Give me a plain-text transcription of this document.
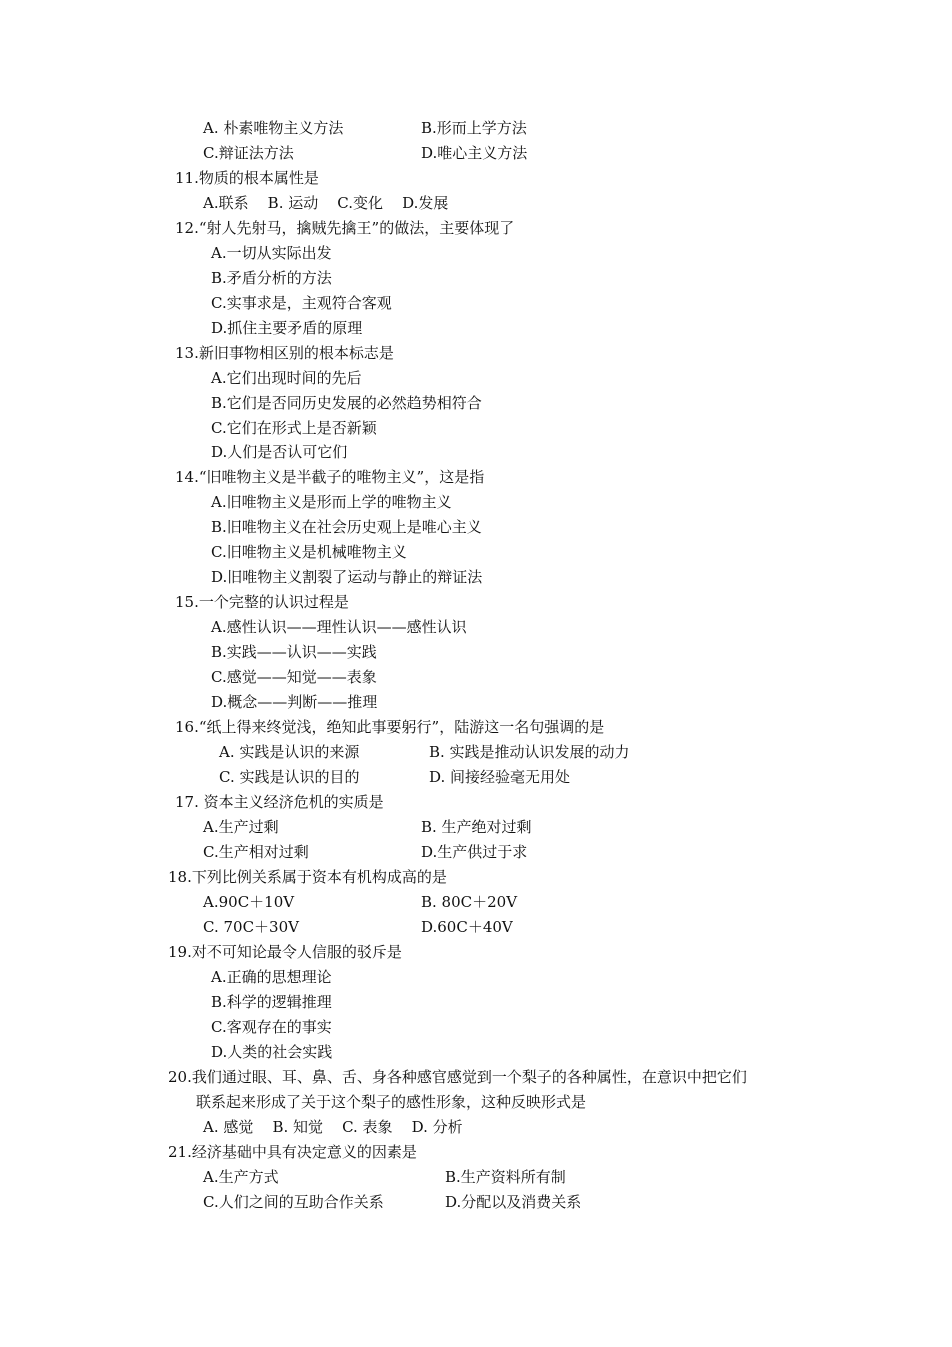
A. 朴素唯物主义方法	B.形而上学方法
C.辩证法方法	D.唯心主义方法
11.物质的根本属性是
A.联系    B. 运动    C.变化    D.发展
12.“射人先射马，擒贼先擒王”的做法，主要体现了
A.一切从实际出发
B.矛盾分析的方法
C.实事求是，主观符合客观
D.抓住主要矛盾的原理
13.新旧事物相区别的根本标志是
A.它们出现时间的先后
B.它们是否同历史发展的必然趋势相符合
C.它们在形式上是否新颖
D.人们是否认可它们
14.“旧唯物主义是半截子的唯物主义”，这是指
A.旧唯物主义是形而上学的唯物主义
B.旧唯物主义在社会历史观上是唯心主义
C.旧唯物主义是机械唯物主义
D.旧唯物主义割裂了运动与静止的辩证法
15.一个完整的认识过程是
A.感性认识——理性认识——感性认识
B.实践——认识——实践
C.感觉——知觉——表象
D.概念——判断——推理
16.“纸上得来终觉浅，绝知此事要躬行”，陆游这一名句强调的是
A. 实践是认识的来源	B. 实践是推动认识发展的动力
C. 实践是认识的目的	D. 间接经验毫无用处
17. 资本主义经济危机的实质是
A.生产过剩	B. 生产绝对过剩
C.生产相对过剩	D.生产供过于求
18.下列比例关系属于资本有机构成高的是
A.90C＋10V	B. 80C＋20V
C. 70C＋30V	D.60C＋40V
19.对不可知论最令人信服的驳斥是
A.正确的思想理论
B.科学的逻辑推理
C.客观存在的事实
D.人类的社会实践
20.我们通过眼、耳、鼻、舌、身各种感官感觉到一个梨子的各种属性，在意识中把它们
联系起来形成了关于这个梨子的感性形象，这种反映形式是
A. 感觉    B. 知觉    C. 表象    D. 分析
21.经济基础中具有决定意义的因素是
A.生产方式	B.生产资料所有制
C.人们之间的互助合作关系	D.分配以及消费关系
